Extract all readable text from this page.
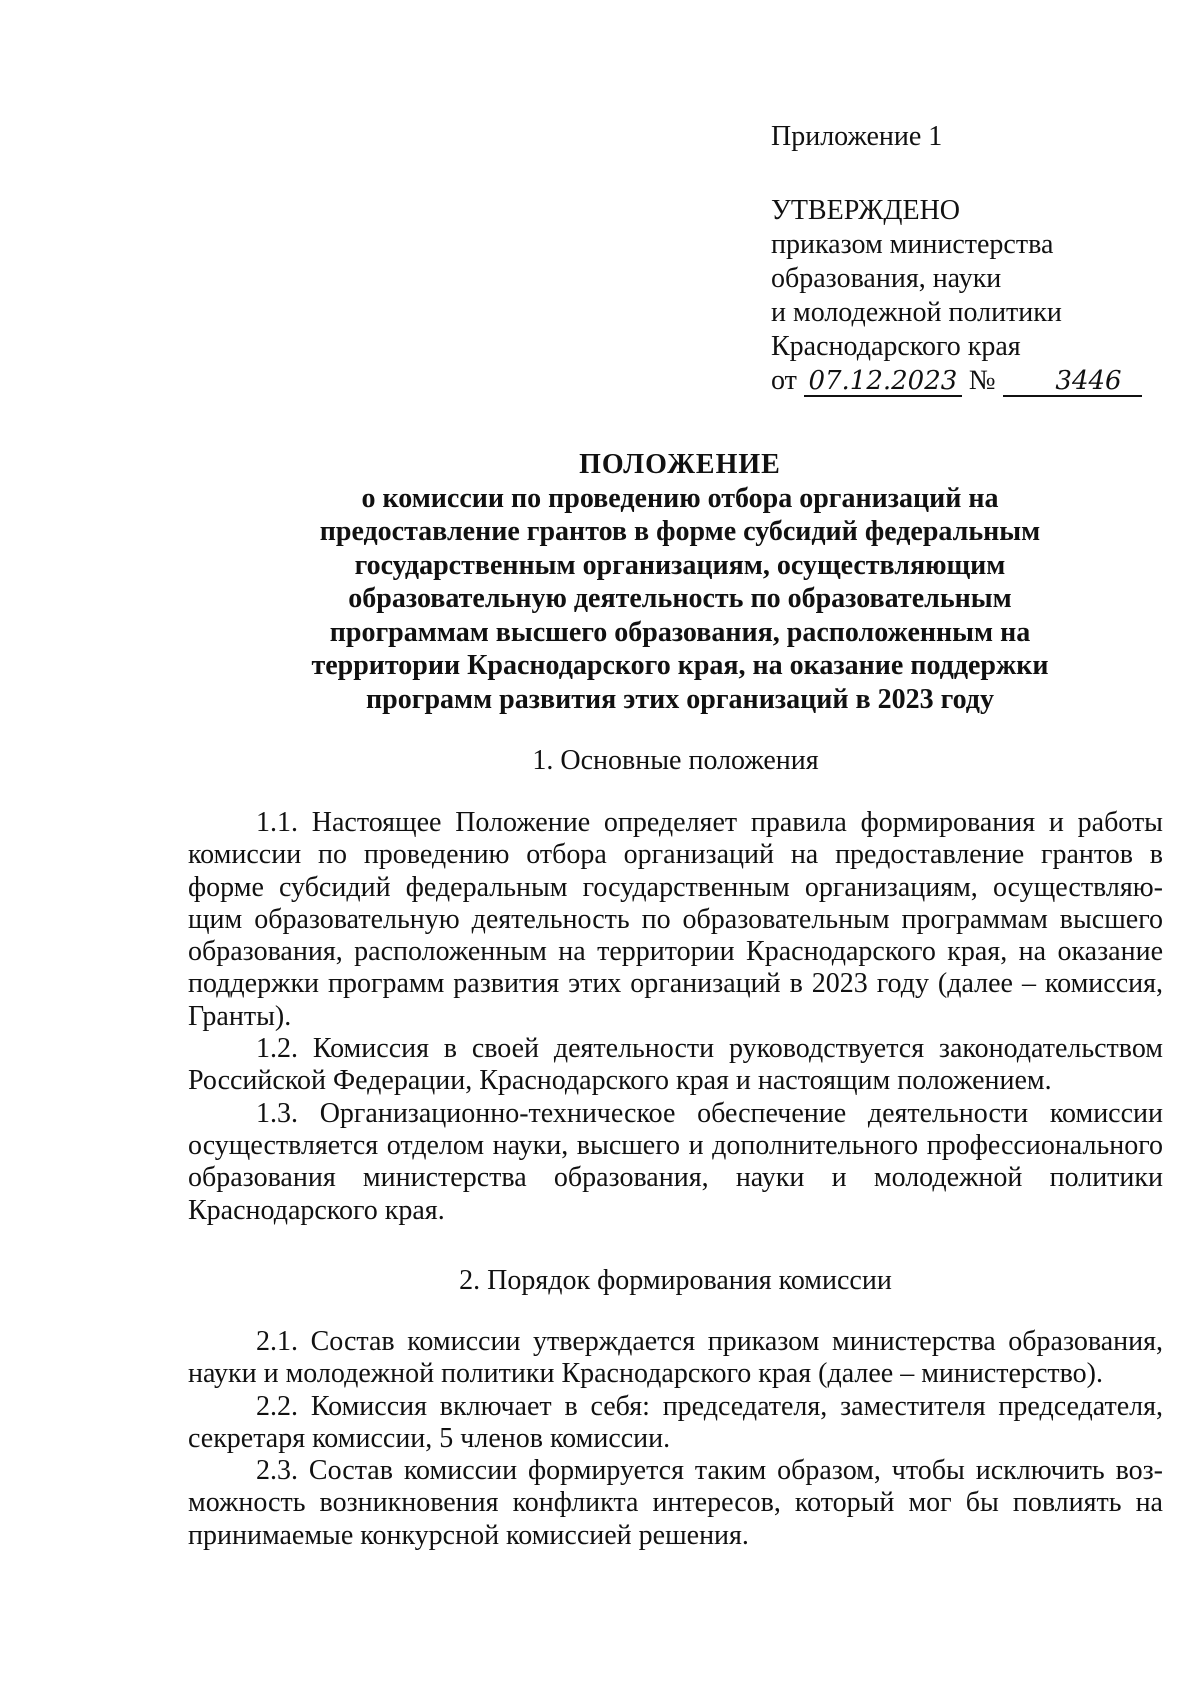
Приложение 1
УТВЕРЖДЕНО
приказом министерства
образования, науки
и молодежной политики
Краснодарского края
от 07.12.2023 № 3446
ПОЛОЖЕНИЕ
о комиссии по проведению отбора организаций на
предоставление грантов в форме субсидий федеральным
государственным организациям, осуществляющим
образовательную деятельность по образовательным
программам высшего образования, расположенным на
территории Краснодарского края, на оказание поддержки
программ развития этих организаций в 2023 году
1. Основные положения

1.1. Настоящее Положение определяет правила формирования и работы комиссии по проведению отбора организаций на предоставление грантов в форме субсидий федеральным государственным организациям, осуществляющим образовательную деятельность по образовательным программам высшего образования, расположенным на территории Краснодарского края, на оказание поддержки программ развития этих организаций в 2023 году (далее – комиссия, Гранты).

1.2. Комиссия в своей деятельности руководствуется законодательством Российской Федерации, Краснодарского края и настоящим положением.

1.3. Организационно-техническое обеспечение деятельности комиссии осуществляется отделом науки, высшего и дополнительного профессионального образования министерства образования, науки и молодежной политики Краснодарского края.

2. Порядок формирования комиссии

2.1. Состав комиссии утверждается приказом министерства образования, науки и молодежной политики Краснодарского края (далее – министерство).

2.2. Комиссия включает в себя: председателя, заместителя председателя, секретаря комиссии, 5 членов комиссии.

2.3. Состав комиссии формируется таким образом, чтобы исключить возможность возникновения конфликта интересов, который мог бы повлиять на принимаемые конкурсной комиссией решения.
